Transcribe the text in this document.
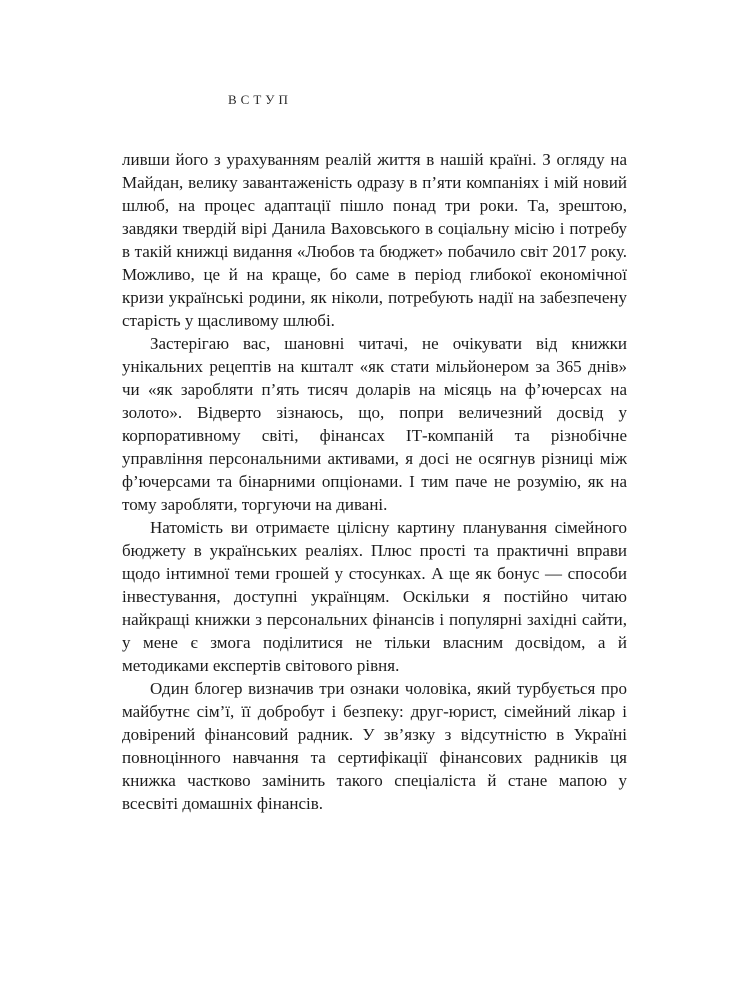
ВСТУП

ливши його з урахуванням реалій життя в нашій країні. З огляду на Майдан, велику завантаженість одразу в п’яти компаніях і мій новий шлюб, на процес адаптації пішло понад три роки. Та, зрештою, завдяки твердій вірі Данила Ваховського в соціальну місію і потребу в такій книжці видання «Любов та бюджет» побачило світ 2017 року. Можливо, це й на краще, бо саме в період глибокої економічної кризи українські родини, як ніколи, потребують надії на забезпечену старість у щасливому шлюбі.

Застерігаю вас, шановні читачі, не очікувати від книжки унікальних рецептів на кшталт «як стати мільйонером за 365 днів» чи «як заробляти п’ять тисяч доларів на місяць на ф’ючерсах на золото». Відверто зізнаюсь, що, попри величезний досвід у корпоративному світі, фінансах ІТ-компаній та різнобічне управління персональними активами, я досі не осягнув різниці між ф’ючерсами та бінарними опціонами. І тим паче не розумію, як на тому заробляти, торгуючи на дивані.

Натомість ви отримаєте цілісну картину планування сімейного бюджету в українських реаліях. Плюс прості та практичні вправи щодо інтимної теми грошей у стосунках. А ще як бонус — способи інвестування, доступні українцям. Оскільки я постійно читаю найкращі книжки з персональних фінансів і популярні західні сайти, у мене є змога поділитися не тільки власним досвідом, а й методиками експертів світового рівня.

Один блогер визначив три ознаки чоловіка, який турбується про майбутнє сім’ї, її добробут і безпеку: друг-юрист, сімейний лікар і довірений фінансовий радник. У зв’язку з відсутністю в Україні повноцінного навчання та сертифікації фінансових радників ця книжка частково замінить такого спеціаліста й стане мапою у всесвіті домашніх фінансів.
